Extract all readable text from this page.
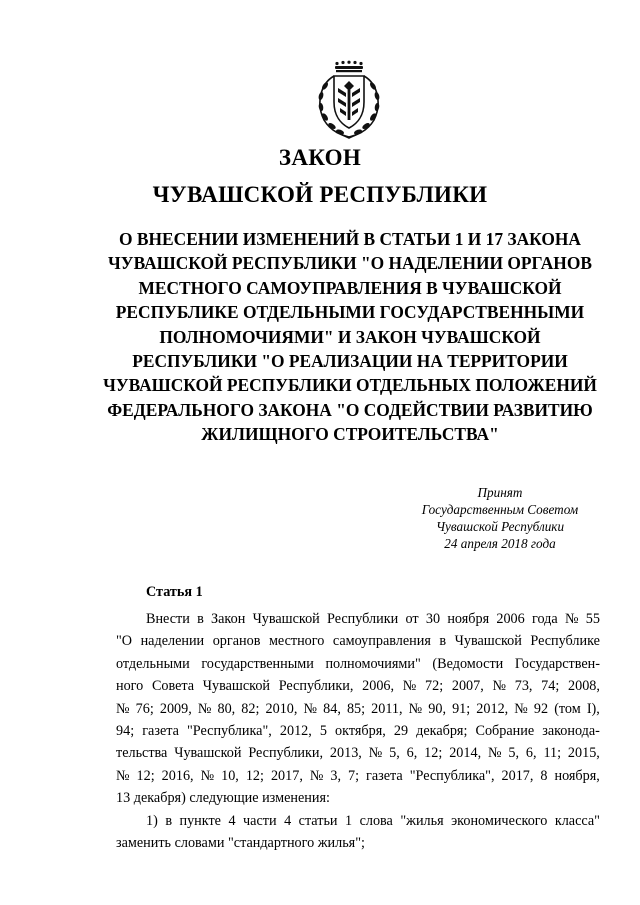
ЗАКОН
ЧУВАШСКОЙ РЕСПУБЛИКИ
О ВНЕСЕНИИ ИЗМЕНЕНИЙ В СТАТЬИ 1 И 17 ЗАКОНА
ЧУВАШСКОЙ РЕСПУБЛИКИ "О НАДЕЛЕНИИ ОРГАНОВ
МЕСТНОГО САМОУПРАВЛЕНИЯ В ЧУВАШСКОЙ
РЕСПУБЛИКЕ ОТДЕЛЬНЫМИ ГОСУДАРСТВЕННЫМИ
ПОЛНОМОЧИЯМИ" И ЗАКОН ЧУВАШСКОЙ
РЕСПУБЛИКИ "О РЕАЛИЗАЦИИ НА ТЕРРИТОРИИ
ЧУВАШСКОЙ РЕСПУБЛИКИ ОТДЕЛЬНЫХ ПОЛОЖЕНИЙ
ФЕДЕРАЛЬНОГО ЗАКОНА "О СОДЕЙСТВИИ РАЗВИТИЮ
ЖИЛИЩНОГО СТРОИТЕЛЬСТВА"
Принят
Государственным Советом
Чувашской Республики
24 апреля 2018 года
Статья 1
Внести в Закон Чувашской Республики от 30 ноября 2006 года № 55
"О наделении органов местного самоуправления в Чувашской Республике
отдельными государственными полномочиями" (Ведомости Государствен-
ного Совета Чувашской Республики, 2006, № 72; 2007, № 73, 74; 2008,
№ 76; 2009, № 80, 82; 2010, № 84, 85; 2011, № 90, 91; 2012, № 92 (том I),
94; газета "Республика", 2012, 5 октября, 29 декабря; Собрание законода-
тельства Чувашской Республики, 2013, № 5, 6, 12; 2014, № 5, 6, 11; 2015,
№ 12; 2016, № 10, 12; 2017, № 3, 7; газета "Республика", 2017, 8 ноября,
13 декабря) следующие изменения:
1) в пункте 4 части 4 статьи 1 слова "жилья экономического класса"
заменить словами "стандартного жилья";
